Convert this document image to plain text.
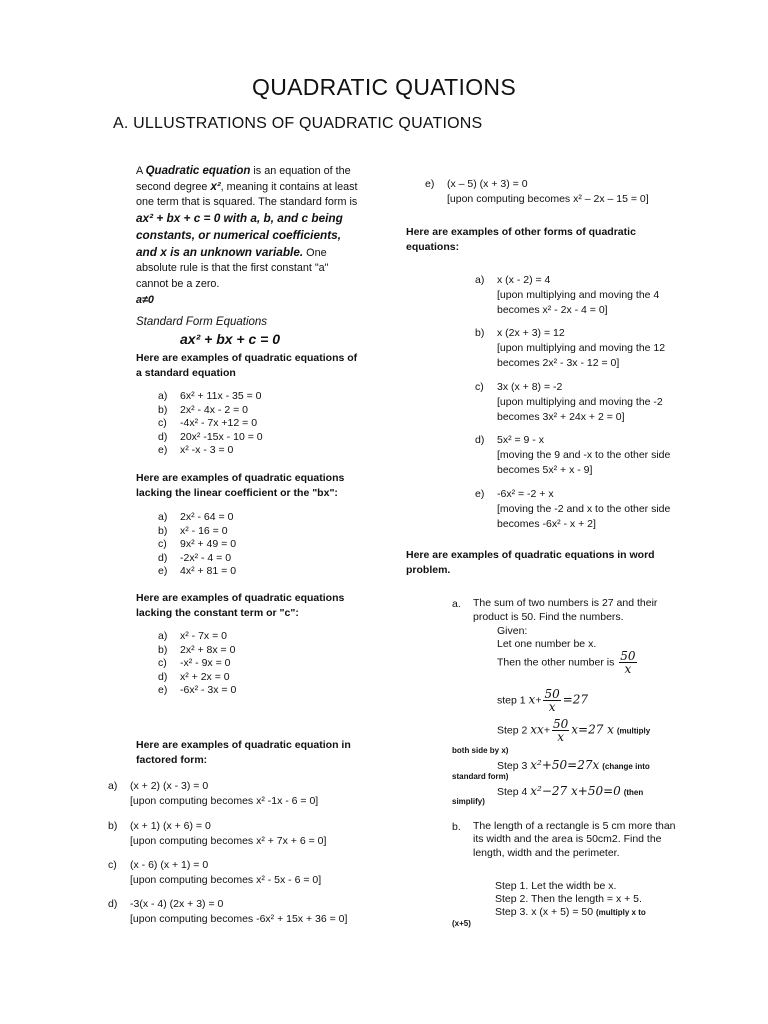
QUADRATIC QUATIONS
A. ULLUSTRATIONS OF QUADRATIC QUATIONS
A Quadratic equation is an equation of the second degree x², meaning it contains at least one term that is squared. The standard form is ax² + bx + c = 0 with a, b, and c being constants, or numerical coefficients, and x is an unknown variable. One absolute rule is that the first constant "a" cannot be a zero.
a≠0
Standard Form Equations
ax² + bx + c = 0
Here are examples of quadratic equations of a standard equation
a) 6x² + 11x - 35 = 0
b) 2x² - 4x - 2 = 0
c) -4x² - 7x +12 = 0
d) 20x² -15x - 10 = 0
e) x² -x - 3 = 0
Here are examples of quadratic equations lacking the linear coefficient or the "bx":
a) 2x² - 64 = 0
b) x² - 16 = 0
c) 9x² + 49 = 0
d) -2x² - 4 = 0
e) 4x² + 81 = 0
Here are examples of quadratic equations lacking the constant term or "c":
a) x² - 7x = 0
b) 2x² + 8x = 0
c) -x² - 9x = 0
d) x² + 2x = 0
e) -6x² - 3x = 0
Here are examples of quadratic equation in
factored form:
a) (x + 2) (x - 3) = 0
[upon computing becomes x² -1x - 6 = 0]
b) (x + 1) (x + 6) = 0
[upon computing becomes x² + 7x + 6 = 0]
c) (x - 6) (x + 1) = 0
[upon computing becomes x² - 5x - 6 = 0]
d) -3(x - 4) (2x + 3) = 0
[upon computing becomes -6x² + 15x + 36 = 0]
e) (x – 5) (x + 3) = 0
[upon computing becomes x² – 2x – 15 = 0]
Here are examples of other forms of quadratic equations:
a) x (x - 2) = 4
[upon multiplying and moving the 4 becomes x² - 2x - 4 = 0]
b) x (2x + 3) = 12
[upon multiplying and moving the 12 becomes 2x² - 3x - 12 = 0]
c) 3x (x + 8) = -2
[upon multiplying and moving the -2 becomes 3x² + 24x + 2 = 0]
d) 5x² = 9 - x
[moving the 9 and -x to the other side becomes 5x² + x - 9]
e) -6x² = -2 + x
[moving the -2 and x to the other side becomes -6x² - x + 2]
Here are examples of quadratic equations in word problem.
a. The sum of two numbers is 27 and their product is 50. Find the numbers.
Given:
Let one number be x.
Then the other number is $\frac{50}{x}$
step 1 $x+ \frac{50}{x} =27$
Step 2 $xx+ \frac{50}{x} x=27$ x (multiply
both side by x)
Step 3 x²+50=27x (change into
standard form)
Step 4 x²−27 x+50=0 (then
simplify)
b. The length of a rectangle is 5 cm more than its width and the area is 50cm2. Find the length, width and the perimeter.
Step 1. Let the width be x.
Step 2. Then the length = x + 5.
Step 3. x (x + 5) = 50 (multiply x to
(x+5)
